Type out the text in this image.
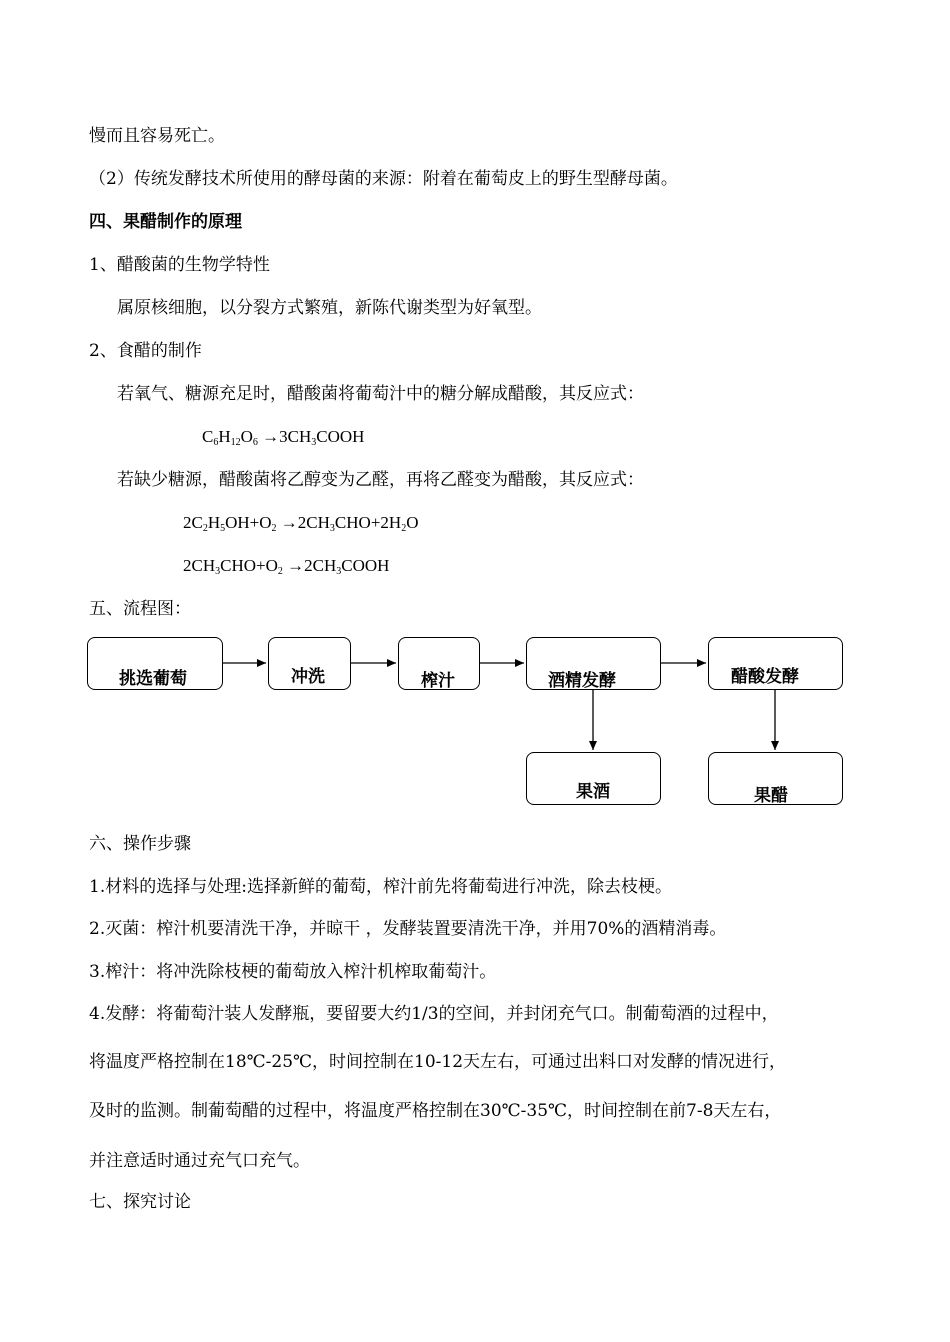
慢而且容易死亡。
（2）传统发酵技术所使用的酵母菌的来源：附着在葡萄皮上的野生型酵母菌。
四、果醋制作的原理
1、醋酸菌的生物学特性
属原核细胞，以分裂方式繁殖，新陈代谢类型为好氧型。
2、食醋的制作
若氧气、糖源充足时，醋酸菌将葡萄汁中的糖分解成醋酸，其反应式：
$C_6H_{12}O_6$ $\to 3CH_3COOH$
若缺少糖源，醋酸菌将乙醇变为乙醛，再将乙醛变为醋酸，其反应式：
$2C_2H_5OH+O_2 \to 2CH_3CHO+2H_2O$
$2CH_3CHO+O_2$ $\to 2CH_3COOH$
五、流程图：
挑选葡萄	冲洗	榨汁	酒精发酵	醋酸发酵
果酒	果醋
六、操作步骤
1.材料的选择与处理:选择新鲜的葡萄，榨汁前先将葡萄进行冲洗，除去枝梗。
2.灭菌：榨汁机要清洗干净，并晾干 ，发酵装置要清洗干净，并用70%的酒精消毒。
3.榨汁：将冲洗除枝梗的葡萄放入榨汁机榨取葡萄汁。
4.发酵：将葡萄汁装人发酵瓶，要留要大约1/3的空间，并封闭充气口。制葡萄酒的过程中，
将温度严格控制在18℃-25℃，时间控制在10-12天左右，可通过出料口对发酵的情况进行，
及时的监测。制葡萄醋的过程中，将温度严格控制在30℃-35℃，时间控制在前7-8天左右，
并注意适时通过充气口充气。
七、探究讨论
